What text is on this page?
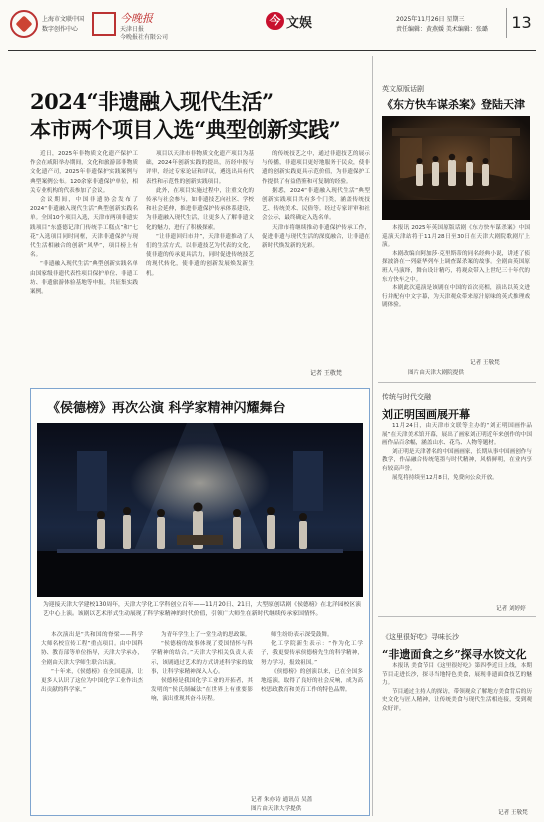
上海市文联中国
数字创作中心
今晚报
天津日报
今晚报社有限公司
今 文娱	2025年11月26日 星期三
责任编辑：黄燕媛 美术编辑：张璐	13
2024“非遗融入现代生活”
本市两个项目入选“典型创新实践”

近日，2025年非物质文化遗产保护工作会在咸阳举办期间，文化和旅游部非物质文化遗产司，2025年非遗保护实践案例与典型案例公布。120余家非遗保护单位，相关专业机构的代表参加了会议。

会议期间，中国非遗协会发布了2024“非遗融入现代生活”典型创新实践名单。全国10个项目入选，天津市两项非遗实践项目“东盛德记津门传统手工糕点”和“七花”入选项目同时同框，天津非遗保护与现代生活相融合的创新“风华”，项目榜上有名。

“非遗融入现代生活”典型创新实践名单由国家级非遗代表性项目保护单位、非遗工坊、非遗旅游体验基地等申报，共征集实践案例。

项目以天津市非物质文化遗产项目为基础，2024年创新实践的提出，历经申报与评审，经过专家论证和评议，遴选出具有代表性和示范性的创新实践项目。

此外，在项目实施过程中，注重文化的传承与社会参与，如非遗技艺向社区、学校和社会延伸，推进非遗保护传承体系建设，为非遗融入现代生活，让更多人了解非遗文化的魅力，进行了积极探索。

“让非遗回归市井”，天津非遗推动了人们的生活方式，以非遗技艺为代表的文化，使非遗的传承更具活力，同时促进传统技艺的现代转化，使非遗的创新发展焕发新生机。

的传统技艺之中，通过非遗技艺的展示与传播，非遗项目更好地服务于民众，使非遗的创新实践更具示范价值，为非遗保护工作提供了有益借鉴和可复制的经验。

据悉，2024“非遗融入现代生活”典型创新实践项目共有多个门类，涵盖传统技艺、传统美术、民俗等。经过专家评审和社会公示，最终确定入选名单。

天津市将继续推动非遗保护传承工作，促进非遗与现代生活的深度融合，让非遗在新时代焕发新的光彩。

记者 王敬梵
英文原版话剧
《东方快车谋杀案》登陆天津

本报讯 2025年英国原版话剧《东方快车谋杀案》中国巡演天津站将于11月28日至30日在天津大剧院歌剧厅上演。

本剧改编自阿加莎·克里斯蒂的同名经典小说，讲述了侦探波洛在一列豪华列车上调查谋杀案的故事。全剧由英国原班人马演绎，舞台设计精巧，将观众带入上世纪三十年代的东方快车之中。

本剧此次巡演是该剧在中国的首次亮相，演出以英文进行并配有中文字幕，为天津观众带来原汁原味的英式推理戏剧体验。

记者 王敬梵
图片由天津大剧院提供
《侯德榜》再次公演 科学家精神闪耀舞台
为迎接天津大学建校130周年，天津大学化工学科创立百年——11月20日、21日，大型原创话剧《侯德榜》在北洋园校区演艺中心上演。该剧以艺术形式生动展现了科学家精神的时代价值，引领广大师生在新时代继续传承家国情怀。

本次演出是“共和国的脊梁——科学大师名校宣传工程”重点项目。由中国科协、教育部等单位指导，天津大学承办，全剧由天津大学师生联合出演。

“十年来，《侯德榜》在全国巡演，让更多人认识了这位为中国化学工业作出杰出贡献的科学家。”

为青年学生上了一堂生动的思政课。

“侯德榜的故事体现了爱国情怀与科学精神的结合。”天津大学相关负责人表示，该剧通过艺术的方式讲述科学家的故事，让科学家精神深入人心。

侯德榜是我国化学工业的开拓者，其发明的“侯氏制碱法”在世界上有重要影响，演出重现其奋斗历程。

师生纷纷表示深受鼓舞。

化工学院新生表示：“作为化工学子，我更要传承侯德榜先生的科学精神，努力学习，报效祖国。”

《侯德榜》的创演以来，已在全国多地巡演，取得了良好的社会反响，成为高校思政教育和美育工作的特色品牌。

记者 朱亦诗 通讯员 吴蔷
图片由天津大学提供
传统与时代交融
刘正明国画展开幕

11月24日，由天津市文联等主办的“刘正明国画作品展”在天津美术馆开幕，展出了画家刘正明近年来创作的中国画作品百余幅，涵盖山水、花鸟、人物等题材。

刘正明是天津著名的中国画画家，长期从事中国画创作与教学，作品融合传统笔墨与时代精神，风格鲜明，在业内享有较高声誉。

展览将持续至12月8日，免费向公众开放。

记者 刘婷婷
《这里很好吃》寻味长沙
“非遗面食之乡”探寻水饺文化

本报讯 美食节目《这里很好吃》第四季近日上线，本期节目走进长沙，探寻当地特色美食，展现非遗面食技艺的魅力。

节目通过主持人的探访，带领观众了解地方美食背后的历史文化与匠人精神，让传统美食与现代生活相连接，受到观众好评。

记者 王敬梵
